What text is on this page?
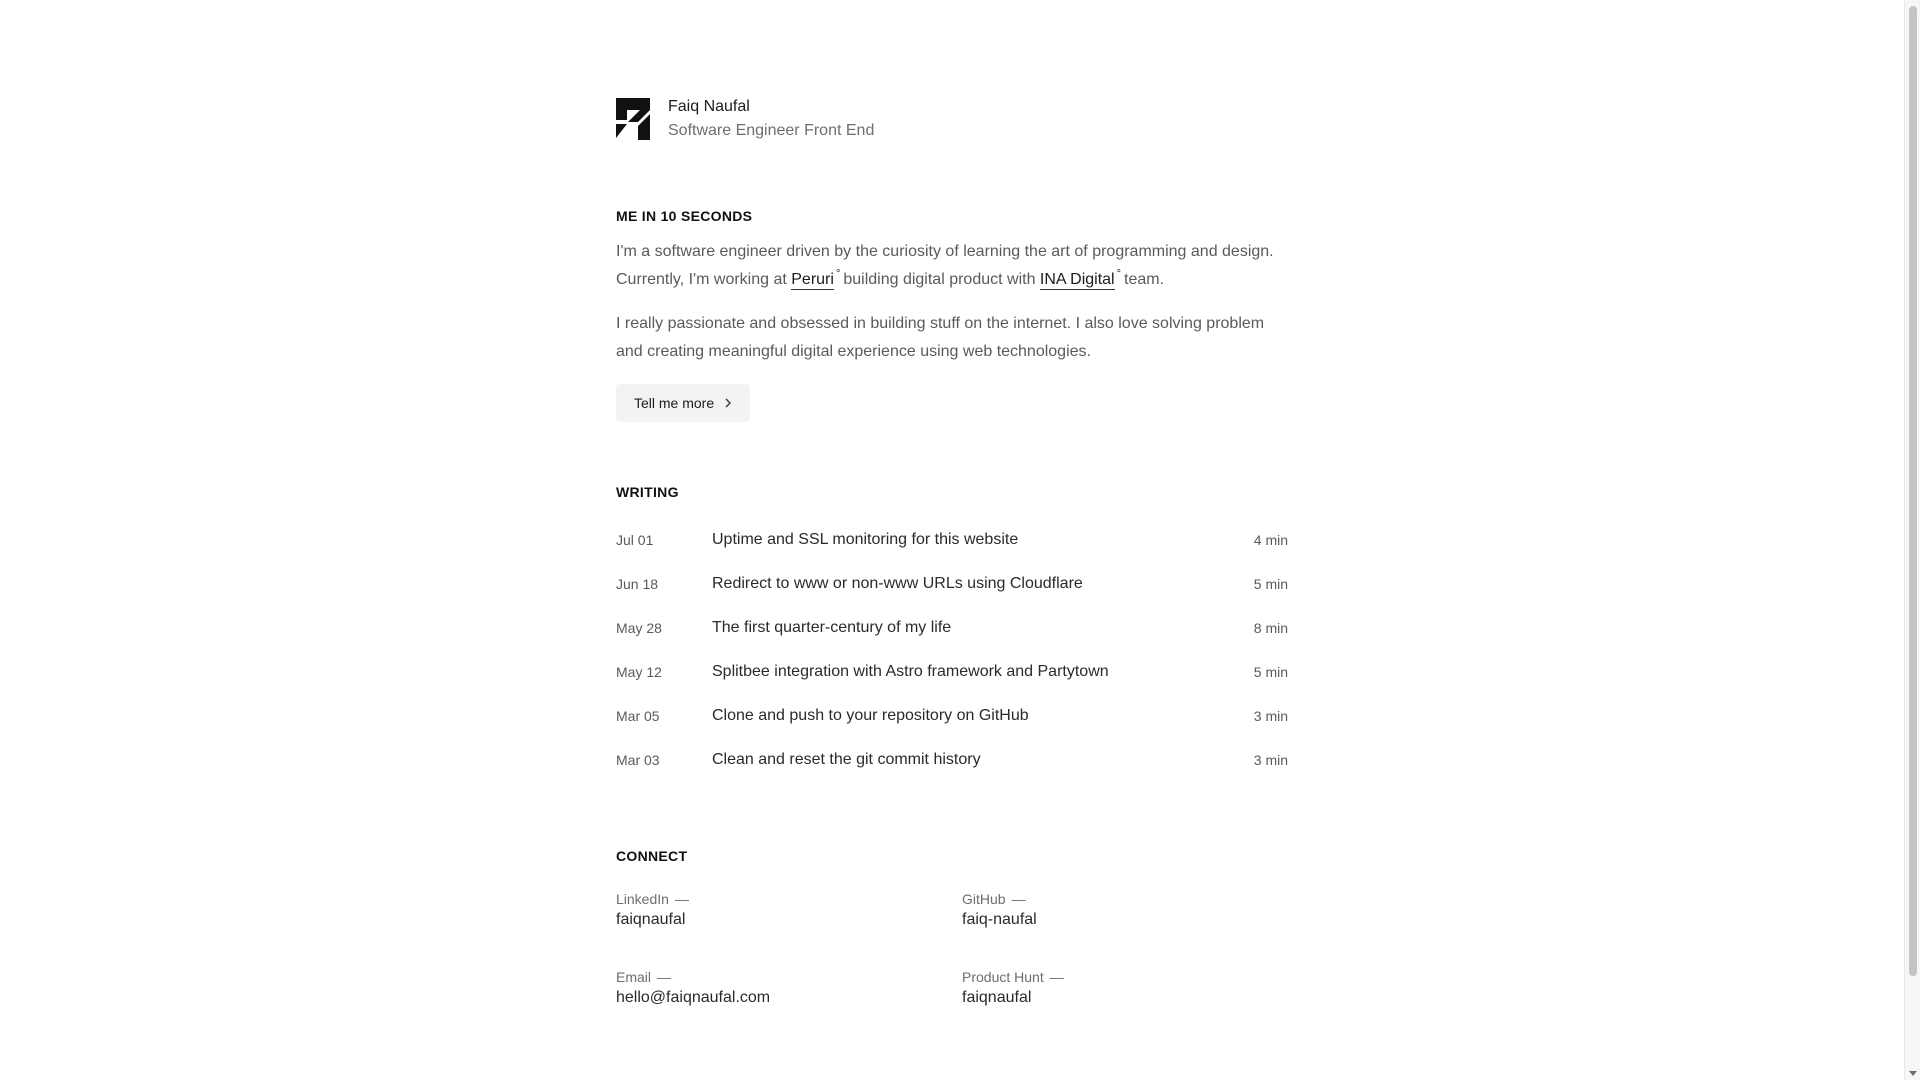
Faiq Naufal
Software Engineer Front End
ME IN 10 SECONDS

I'm a software engineer driven by the curiosity of learning the art of programming and design. Currently, I'm working at Peruri ° building digital product with INA Digital ° team.

I really passionate and obsessed in building stuff on the internet. I also love solving problem and creating meaningful digital experience using web technologies.

Tell me more
WRITING
Jul 01	Uptime and SSL monitoring for this website	4 min
Jun 18	Redirect to www or non-www URLs using Cloudflare	5 min
May 28	The first quarter-century of my life	8 min
May 12	Splitbee integration with Astro framework and Partytown	5 min
Mar 05	Clone and push to your repository on GitHub	3 min
Mar 03	Clean and reset the git commit history	3 min
CONNECT
LinkedIn —
faiqnaufal
GitHub —
faiq-naufal
Email —
hello@faiqnaufal.com
Product Hunt —
faiqnaufal
